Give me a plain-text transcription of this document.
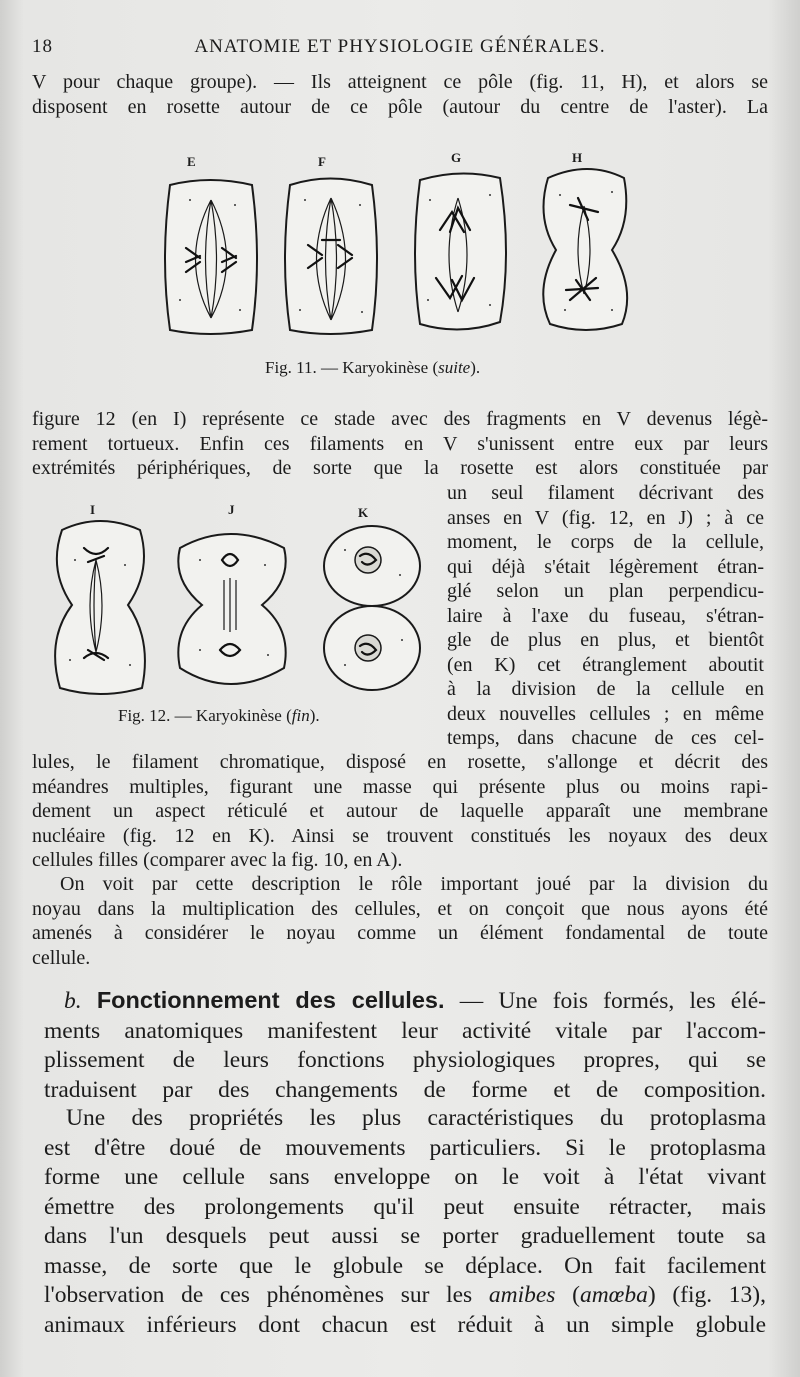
18	ANATOMIE ET PHYSIOLOGIE GÉNÉRALES.
V pour chaque groupe). — Ils atteignent ce pôle (fig. 11, H), et alors se
disposent en rosette autour de ce pôle (autour du centre de l'aster). La
E	F	G	H
Fig. 11. — Karyokinèse (suite).
figure 12 (en I) représente ce stade avec des fragments en V devenus légè-
rement tortueux. Enfin ces filaments en V s'unissent entre eux par leurs
extrémités périphériques, de sorte que la rosette est alors constituée par
I	J	K
Fig. 12. — Karyokinèse (fin).
un seul filament décrivant des
anses en V (fig. 12, en J) ; à ce
moment, le corps de la cellule,
qui déjà s'était légèrement étran-
glé selon un plan perpendicu-
laire à l'axe du fuseau, s'étran-
gle de plus en plus, et bientôt
(en K) cet étranglement aboutit
à la division de la cellule en
deux nouvelles cellules ; en même
temps, dans chacune de ces cel-
lules, le filament chromatique, disposé en rosette, s'allonge et décrit des
méandres multiples, figurant une masse qui présente plus ou moins rapi-
dement un aspect réticulé et autour de laquelle apparaît une membrane
nucléaire (fig. 12 en K). Ainsi se trouvent constitués les noyaux des deux
cellules filles (comparer avec la fig. 10, en A).
On voit par cette description le rôle important joué par la division du
noyau dans la multiplication des cellules, et on conçoit que nous ayons été
amenés à considérer le noyau comme un élément fondamental de toute
cellule.
b. Fonctionnement des cellules. — Une fois formés, les élé-
ments anatomiques manifestent leur activité vitale par l'accom-
plissement de leurs fonctions physiologiques propres, qui se
traduisent par des changements de forme et de composition.
Une des propriétés les plus caractéristiques du protoplasma
est d'être doué de mouvements particuliers. Si le protoplasma
forme une cellule sans enveloppe on le voit à l'état vivant
émettre des prolongements qu'il peut ensuite rétracter, mais
dans l'un desquels peut aussi se porter graduellement toute sa
masse, de sorte que le globule se déplace. On fait facilement
l'observation de ces phénomènes sur les amibes (amœba) (fig. 13),
animaux inférieurs dont chacun est réduit à un simple globule
